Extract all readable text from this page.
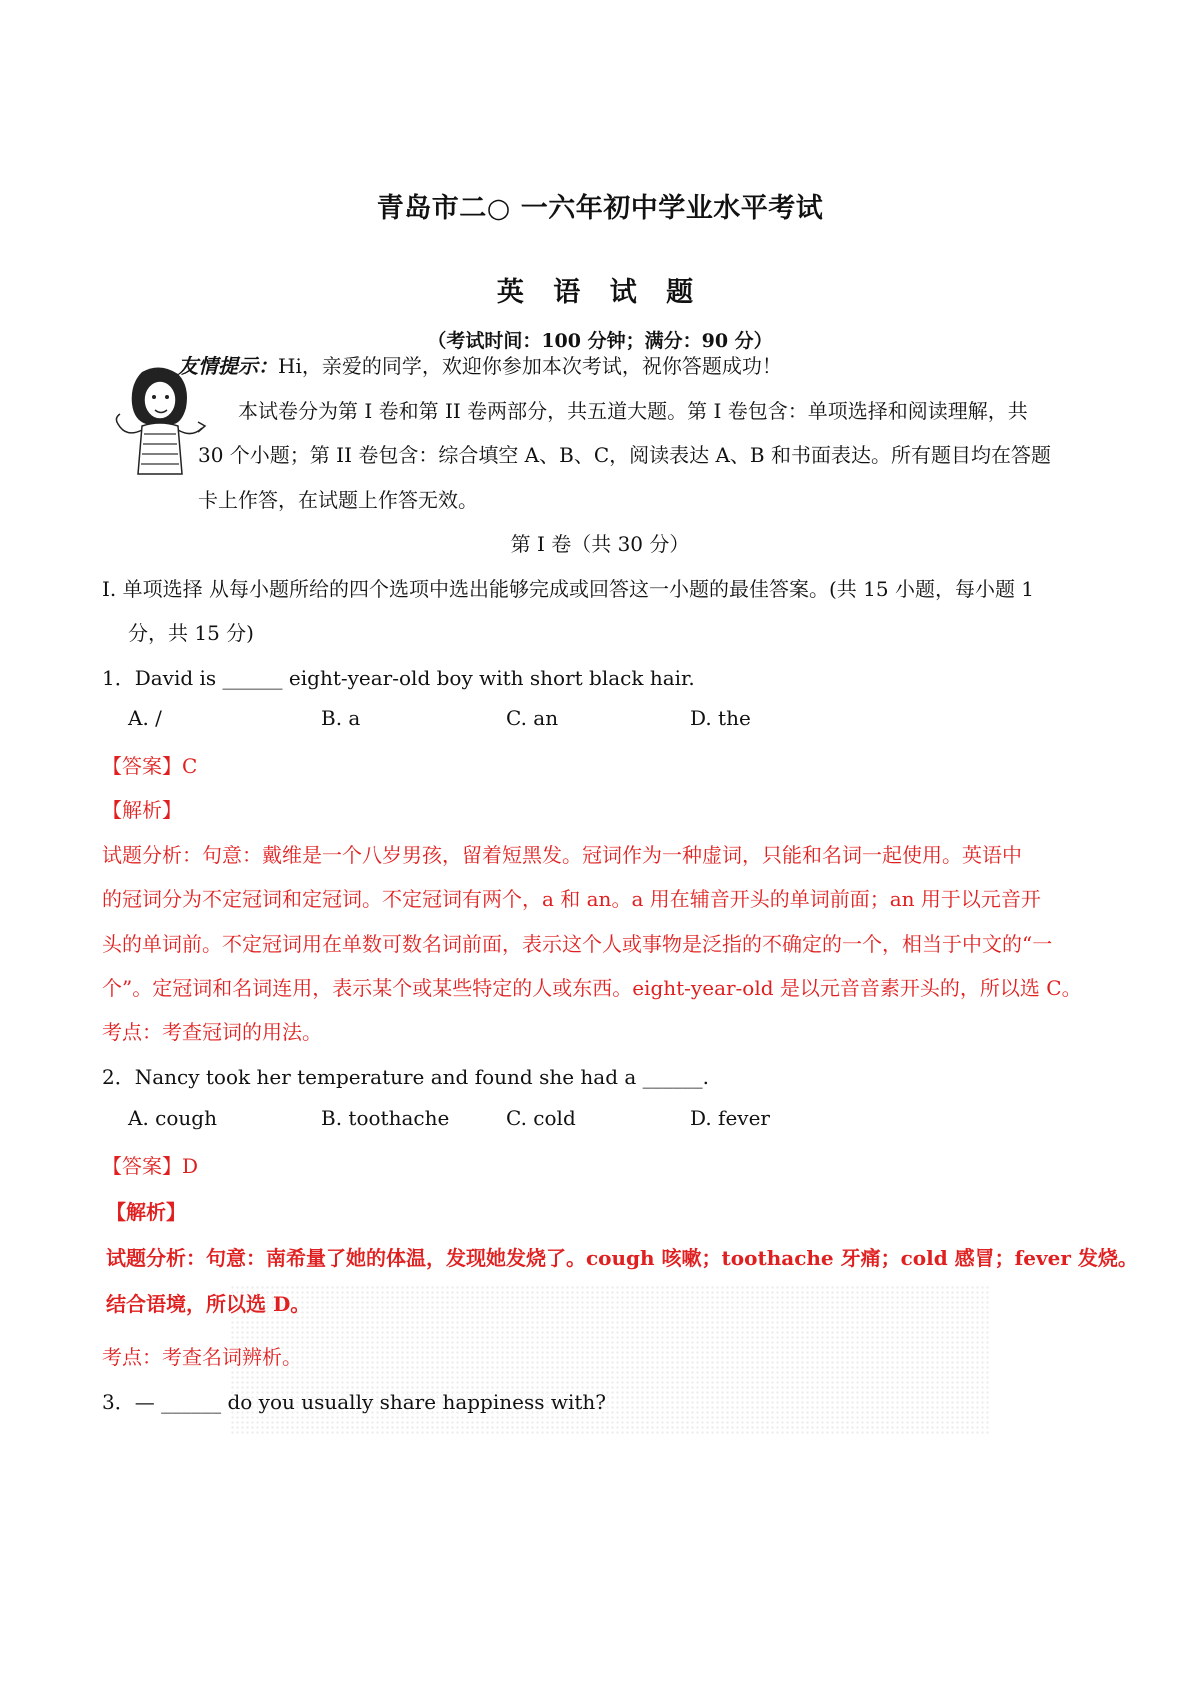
青岛市二○ 一六年初中学业水平考试
英 语 试 题
（考试时间：100 分钟；满分：90 分）
友情提示：Hi，亲爱的同学，欢迎你参加本次考试，祝你答题成功！
本试卷分为第 I 卷和第 II 卷两部分，共五道大题。第 I 卷包含：单项选择和阅读理解，共
30 个小题；第 II 卷包含：综合填空 A、B、C，阅读表达 A、B 和书面表达。所有题目均在答题
卡上作答，在试题上作答无效。
第 I 卷（共 30 分）
I. 单项选择 从每小题所给的四个选项中选出能够完成或回答这一小题的最佳答案。(共 15 小题，每小题 1
分，共 15 分)
1．David is ______ eight-year-old boy with short black hair.
A. /	B. a	C. an	D. the
【答案】C
【解析】
试题分析：句意：戴维是一个八岁男孩，留着短黑发。冠词作为一种虚词，只能和名词一起使用。英语中
的冠词分为不定冠词和定冠词。不定冠词有两个，a 和 an。a 用在辅音开头的单词前面；an 用于以元音开
头的单词前。不定冠词用在单数可数名词前面，表示这个人或事物是泛指的不确定的一个，相当于中文的“一
个”。定冠词和名词连用，表示某个或某些特定的人或东西。eight-year-old 是以元音音素开头的，所以选 C。
考点：考查冠词的用法。
2．Nancy took her temperature and found she had a ______.
A. cough	B. toothache	C. cold	D. fever
【答案】D
【解析】
试题分析：句意：南希量了她的体温，发现她发烧了。cough 咳嗽；toothache 牙痛；cold 感冒；fever 发烧。
结合语境，所以选 D。
考点：考查名词辨析。
3．— ______ do you usually share happiness with?
